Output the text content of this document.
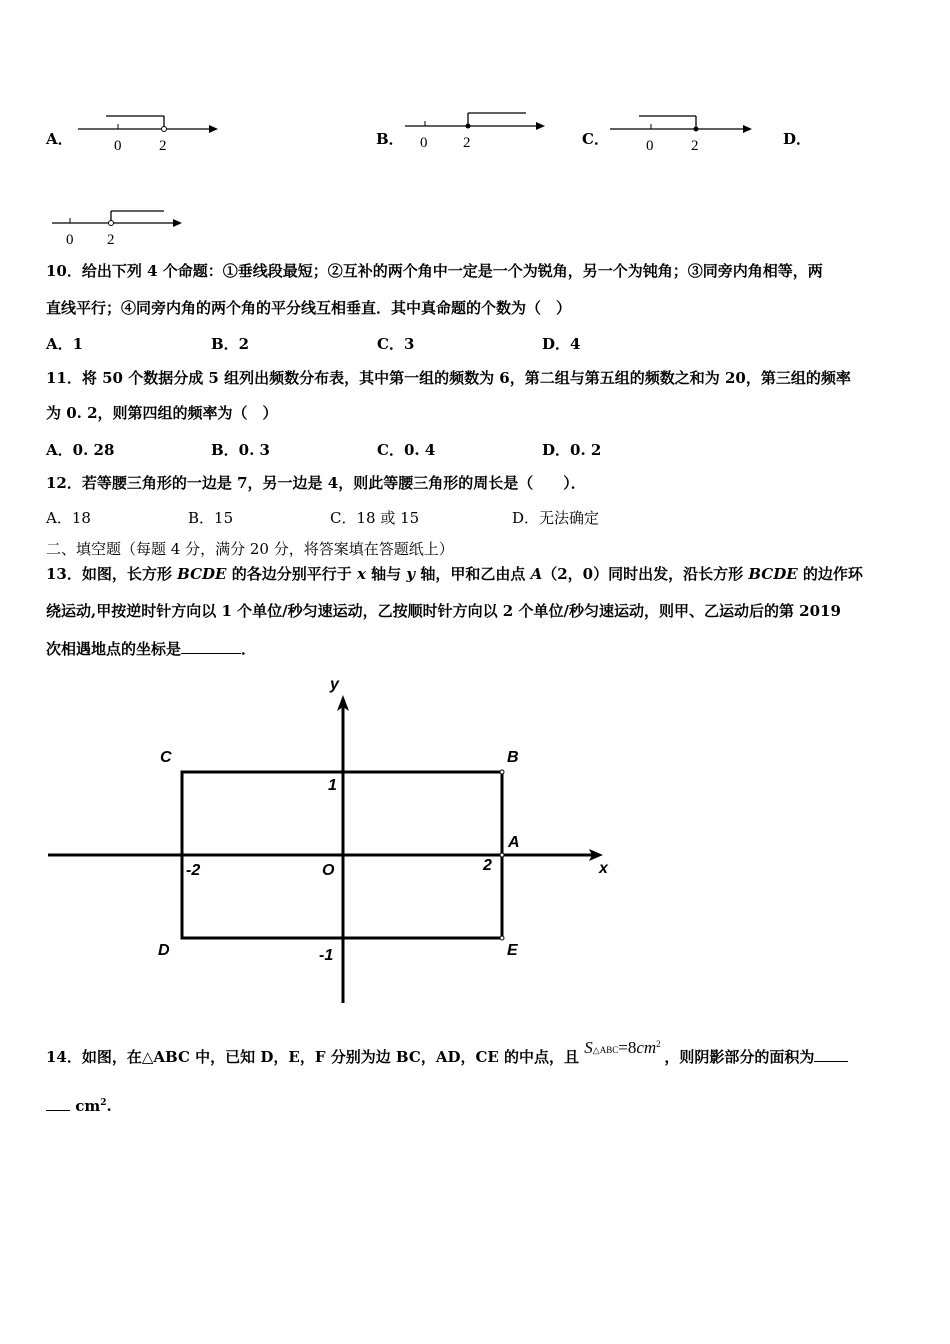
A．	0	2	B． 0 2	C． 0	2	D．
0 2
10．给出下列 4 个命题：①垂线段最短；②互补的两个角中一定是一个为锐角，另一个为钝角；③同旁内角相等，两
直线平行；④同旁内角的两个角的平分线互相垂直．其中真命题的个数为（　）
A．1	B．2	C．3	D．4
11．将 50 个数据分成 5 组列出频数分布表，其中第一组的频数为 6，第二组与第五组的频数之和为 20，第三组的频率
为 0. 2，则第四组的频率为（　）
A．0. 28	B．0. 3	C．0. 4	D．0. 2
12．若等腰三角形的一边是 7，另一边是 4，则此等腰三角形的周长是（　　）．
A．18	B．15	C．18 或 15	D．无法确定
二、填空题（每题 4 分，满分 20 分，将答案填在答题纸上）
13．如图，长方形 BCDE 的各边分别平行于 x 轴与 y 轴，甲和乙由点 A（2，0）同时出发，沿长方形 BCDE 的边作环
绕运动,甲按逆时针方向以 1 个单位/秒匀速运动，乙按顺时针方向以 2 个单位/秒匀速运动，则甲、乙运动后的第 2019
次相遇地点的坐标是	．
y
x
C	B
A
D	E
O
1
-1
2
-2
14．如图，在△ABC 中，已知 D，E，F 分别为边 BC，AD，CE 的中点，且 $S\triangle ABC=8cm^2$ ，则阴影部分的面积为
$cm^2$.
